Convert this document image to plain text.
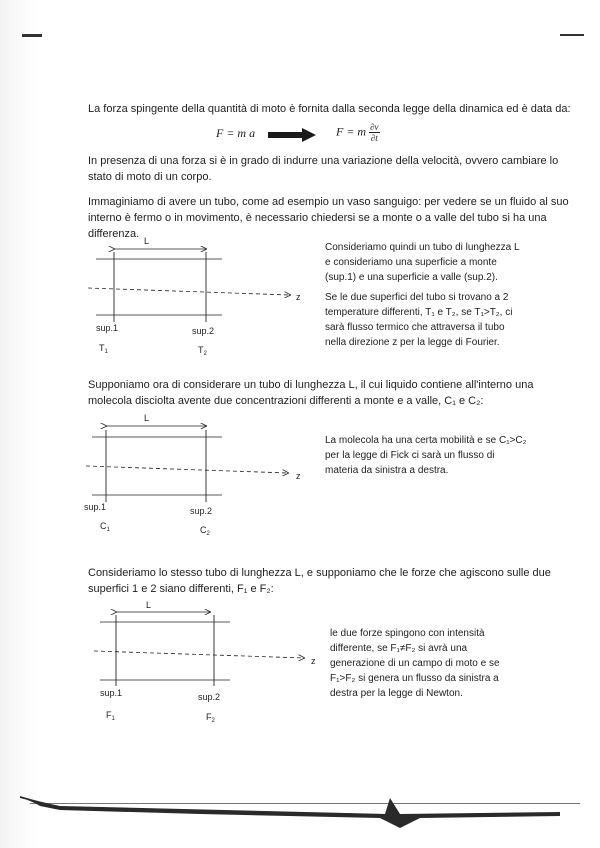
La forza spingente della quantità di moto è fornita dalla seconda legge della dinamica ed è data da:

F = m a	F = m $\frac{\partial v}{\partial t}$

In presenza di una forza si è in grado di indurre una variazione della velocità, ovvero cambiare lo
stato di moto di un corpo.

Immaginiamo di avere un tubo, come ad esempio un vaso sanguigo: per vedere se un fluido al suo
interno è fermo o in movimento, è necessario chiedersi se a monte o a valle del tubo si ha una
differenza.

L
z
sup.1	sup.2
$T_1$	$T_2$

Consideriamo quindi un tubo di lunghezza L
e consideriamo una superficie a monte
(sup.1) e una superficie a valle (sup.2).
Se le due superfici del tubo si trovano a 2
temperature differenti, T₁ e T₂, se T₁>T₂, ci
sarà flusso termico che attraversa il tubo
nella direzione z per la legge di Fourier.

Supponiamo ora di considerare un tubo di lunghezza L, il cui liquido contiene all'interno una
molecola disciolta avente due concentrazioni differenti a monte e a valle, C₁ e C₂:

L
z
sup.1	sup.2
$C_1$	$C_2$

La molecola ha una certa mobilità e se C₁>C₂
per la legge di Fick ci sarà un flusso di
materia da sinistra a destra.

Consideriamo lo stesso tubo di lunghezza L, e supponiamo che le forze che agiscono sulle due
superfici 1 e 2 siano differenti, F₁ e F₂:

L
z
sup.1	sup.2
$F_1$	$F_2$

le due forze spingono con intensità
differente, se F₁≠F₂ si avrà una
generazione di un campo di moto e se
F₁>F₂ si genera un flusso da sinistra a
destra per la legge di Newton.
